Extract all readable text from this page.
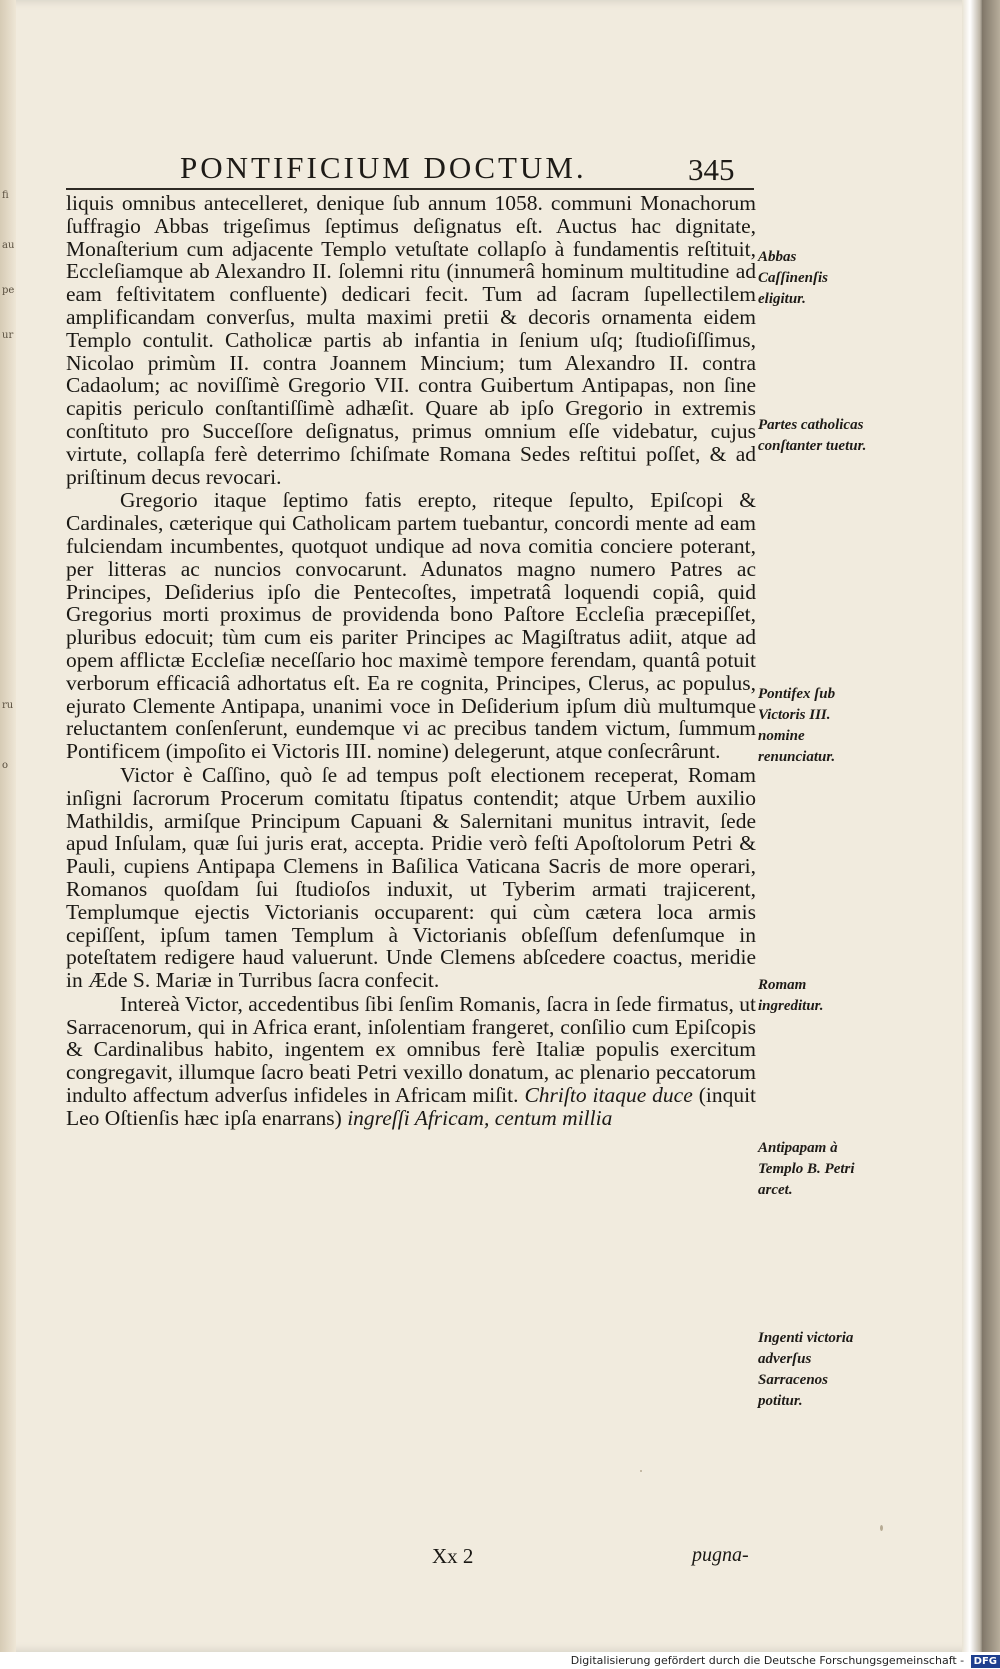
fi
au
pe
ur
ru
o
PONTIFICIUM DOCTUM.	345

liquis omnibus antecelleret, denique ſub annum 1058. communi Monachorum ſuffragio Abbas trigeſimus ſeptimus deſignatus eſt. Auctus hac dignitate, Monaſterium cum adjacente Templo vetuſtate collapſo à fundamentis reſtituit, Eccleſiamque ab Alexandro II. ſolemni ritu (innumerâ hominum multitudine ad eam feſtivitatem confluente) dedicari fecit. Tum ad ſacram ſupellectilem amplificandam converſus, multa maximi pretii & decoris ornamenta eidem Templo contulit. Catholicæ partis ab infantia in ſenium uſq; ſtudioſiſſimus, Nicolao primùm II. contra Joannem Mincium; tum Alexandro II. contra Cadaolum; ac noviſſimè Gregorio VII. contra Guibertum Antipapas, non ſine capitis periculo conſtantiſſimè adhæſit. Quare ab ipſo Gregorio in extremis conſtituto pro Succeſſore deſignatus, primus omnium eſſe videbatur, cujus virtute, collapſa ferè deterrimo ſchiſmate Romana Sedes reſtitui poſſet, & ad priſtinum decus revocari.

Gregorio itaque ſeptimo fatis erepto, riteque ſepulto, Epiſcopi & Cardinales, cæterique qui Catholicam partem tuebantur, concordi mente ad eam fulciendam incumbentes, quotquot undique ad nova comitia conciere poterant, per litteras ac nuncios convocarunt. Adunatos magno numero Patres ac Principes, Deſiderius ipſo die Pentecoſtes, impetratâ loquendi copiâ, quid Gregorius morti proximus de providenda bono Paſtore Eccleſia præcepiſſet, pluribus edocuit; tùm cum eis pariter Principes ac Magiſtratus adiit, atque ad opem afflictæ Eccleſiæ neceſſario hoc maximè tempore ferendam, quantâ potuit verborum efficaciâ adhortatus eſt. Ea re cognita, Principes, Clerus, ac populus, ejurato Clemente Antipapa, unanimi voce in Deſiderium ipſum diù multumque reluctantem conſenſerunt, eundemque vi ac precibus tandem victum, ſummum Pontificem (impoſito ei Victoris III. nomine) delegerunt, atque conſecrârunt.

Victor è Caſſino, quò ſe ad tempus poſt electionem receperat, Romam inſigni ſacrorum Procerum comitatu ſtipatus contendit; atque Urbem auxilio Mathildis, armiſque Principum Capuani & Salernitani munitus intravit, ſede apud Inſulam, quæ ſui juris erat, accepta. Pridie verò feſti Apoſtolorum Petri & Pauli, cupiens Antipapa Clemens in Baſilica Vaticana Sacris de more operari, Romanos quoſdam ſui ſtudioſos induxit, ut Tyberim armati trajicerent, Templumque ejectis Victorianis occuparent: qui cùm cætera loca armis cepiſſent, ipſum tamen Templum à Victorianis obſeſſum defenſumque in poteſtatem redigere haud valuerunt. Unde Clemens abſcedere coactus, meridie in Æde S. Mariæ in Turribus ſacra confecit.

Intereà Victor, accedentibus ſibi ſenſim Romanis, ſacra in ſede firmatus, ut Sarracenorum, qui in Africa erant, inſolentiam frangeret, conſilio cum Epiſcopis & Cardinalibus habito, ingentem ex omnibus ferè Italiæ populis exercitum congregavit, illumque ſacro beati Petri vexillo donatum, ac plenario peccatorum indulto affectum adverſus infideles in Africam miſit. Chriſto itaque duce (inquit Leo Oſtienſis hæc ipſa enarrans) ingreſſi Africam, centum millia

Abbas Caſſinenſis eligitur.
Partes catholicas conſtanter tuetur.
Pontifex ſub Victoris III. nomine renunciatur.
Romam ingreditur.
Antipapam à Templo B. Petri arcet.
Ingenti victoria adverſus Sarracenos potitur.
Xx 2	pugna-
Digitalisierung gefördert durch die Deutsche Forschungsgemeinschaft - DFG
